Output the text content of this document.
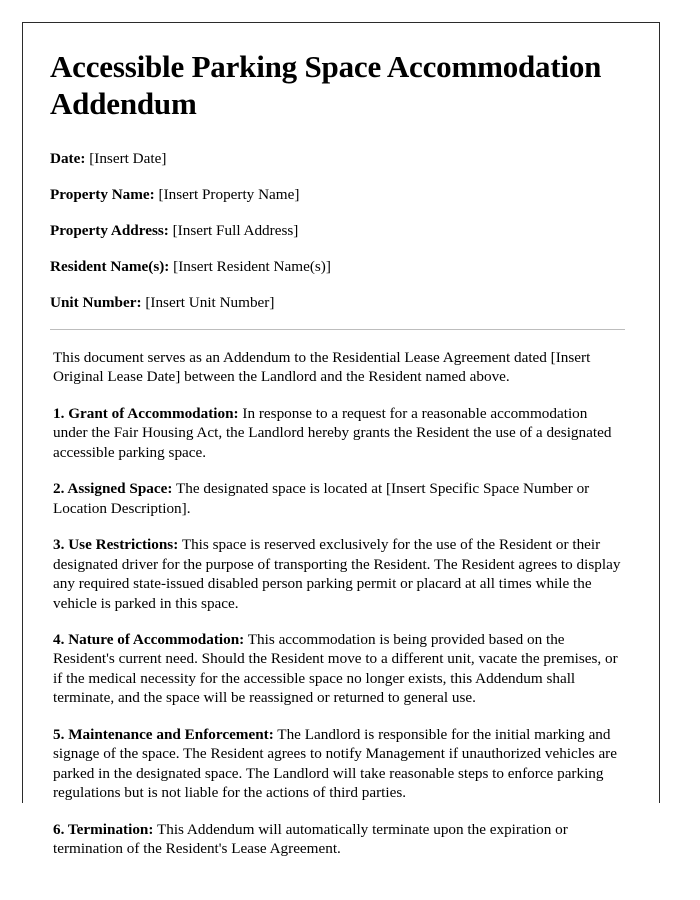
Accessible Parking Space Accommodation Addendum
Date: [Insert Date]
Property Name: [Insert Property Name]
Property Address: [Insert Full Address]
Resident Name(s): [Insert Resident Name(s)]
Unit Number: [Insert Unit Number]

This document serves as an Addendum to the Residential Lease Agreement dated [Insert Original Lease Date] between the Landlord and the Resident named above.

1. Grant of Accommodation: In response to a request for a reasonable accommodation under the Fair Housing Act, the Landlord hereby grants the Resident the use of a designated accessible parking space.

2. Assigned Space: The designated space is located at [Insert Specific Space Number or Location Description].

3. Use Restrictions: This space is reserved exclusively for the use of the Resident or their designated driver for the purpose of transporting the Resident. The Resident agrees to display any required state-issued disabled person parking permit or placard at all times while the vehicle is parked in this space.

4. Nature of Accommodation: This accommodation is being provided based on the Resident's current need. Should the Resident move to a different unit, vacate the premises, or if the medical necessity for the accessible space no longer exists, this Addendum shall terminate, and the space will be reassigned or returned to general use.

5. Maintenance and Enforcement: The Landlord is responsible for the initial marking and signage of the space. The Resident agrees to notify Management if unauthorized vehicles are parked in the designated space. The Landlord will take reasonable steps to enforce parking regulations but is not liable for the actions of third parties.

6. Termination: This Addendum will automatically terminate upon the expiration or termination of the Resident's Lease Agreement.
